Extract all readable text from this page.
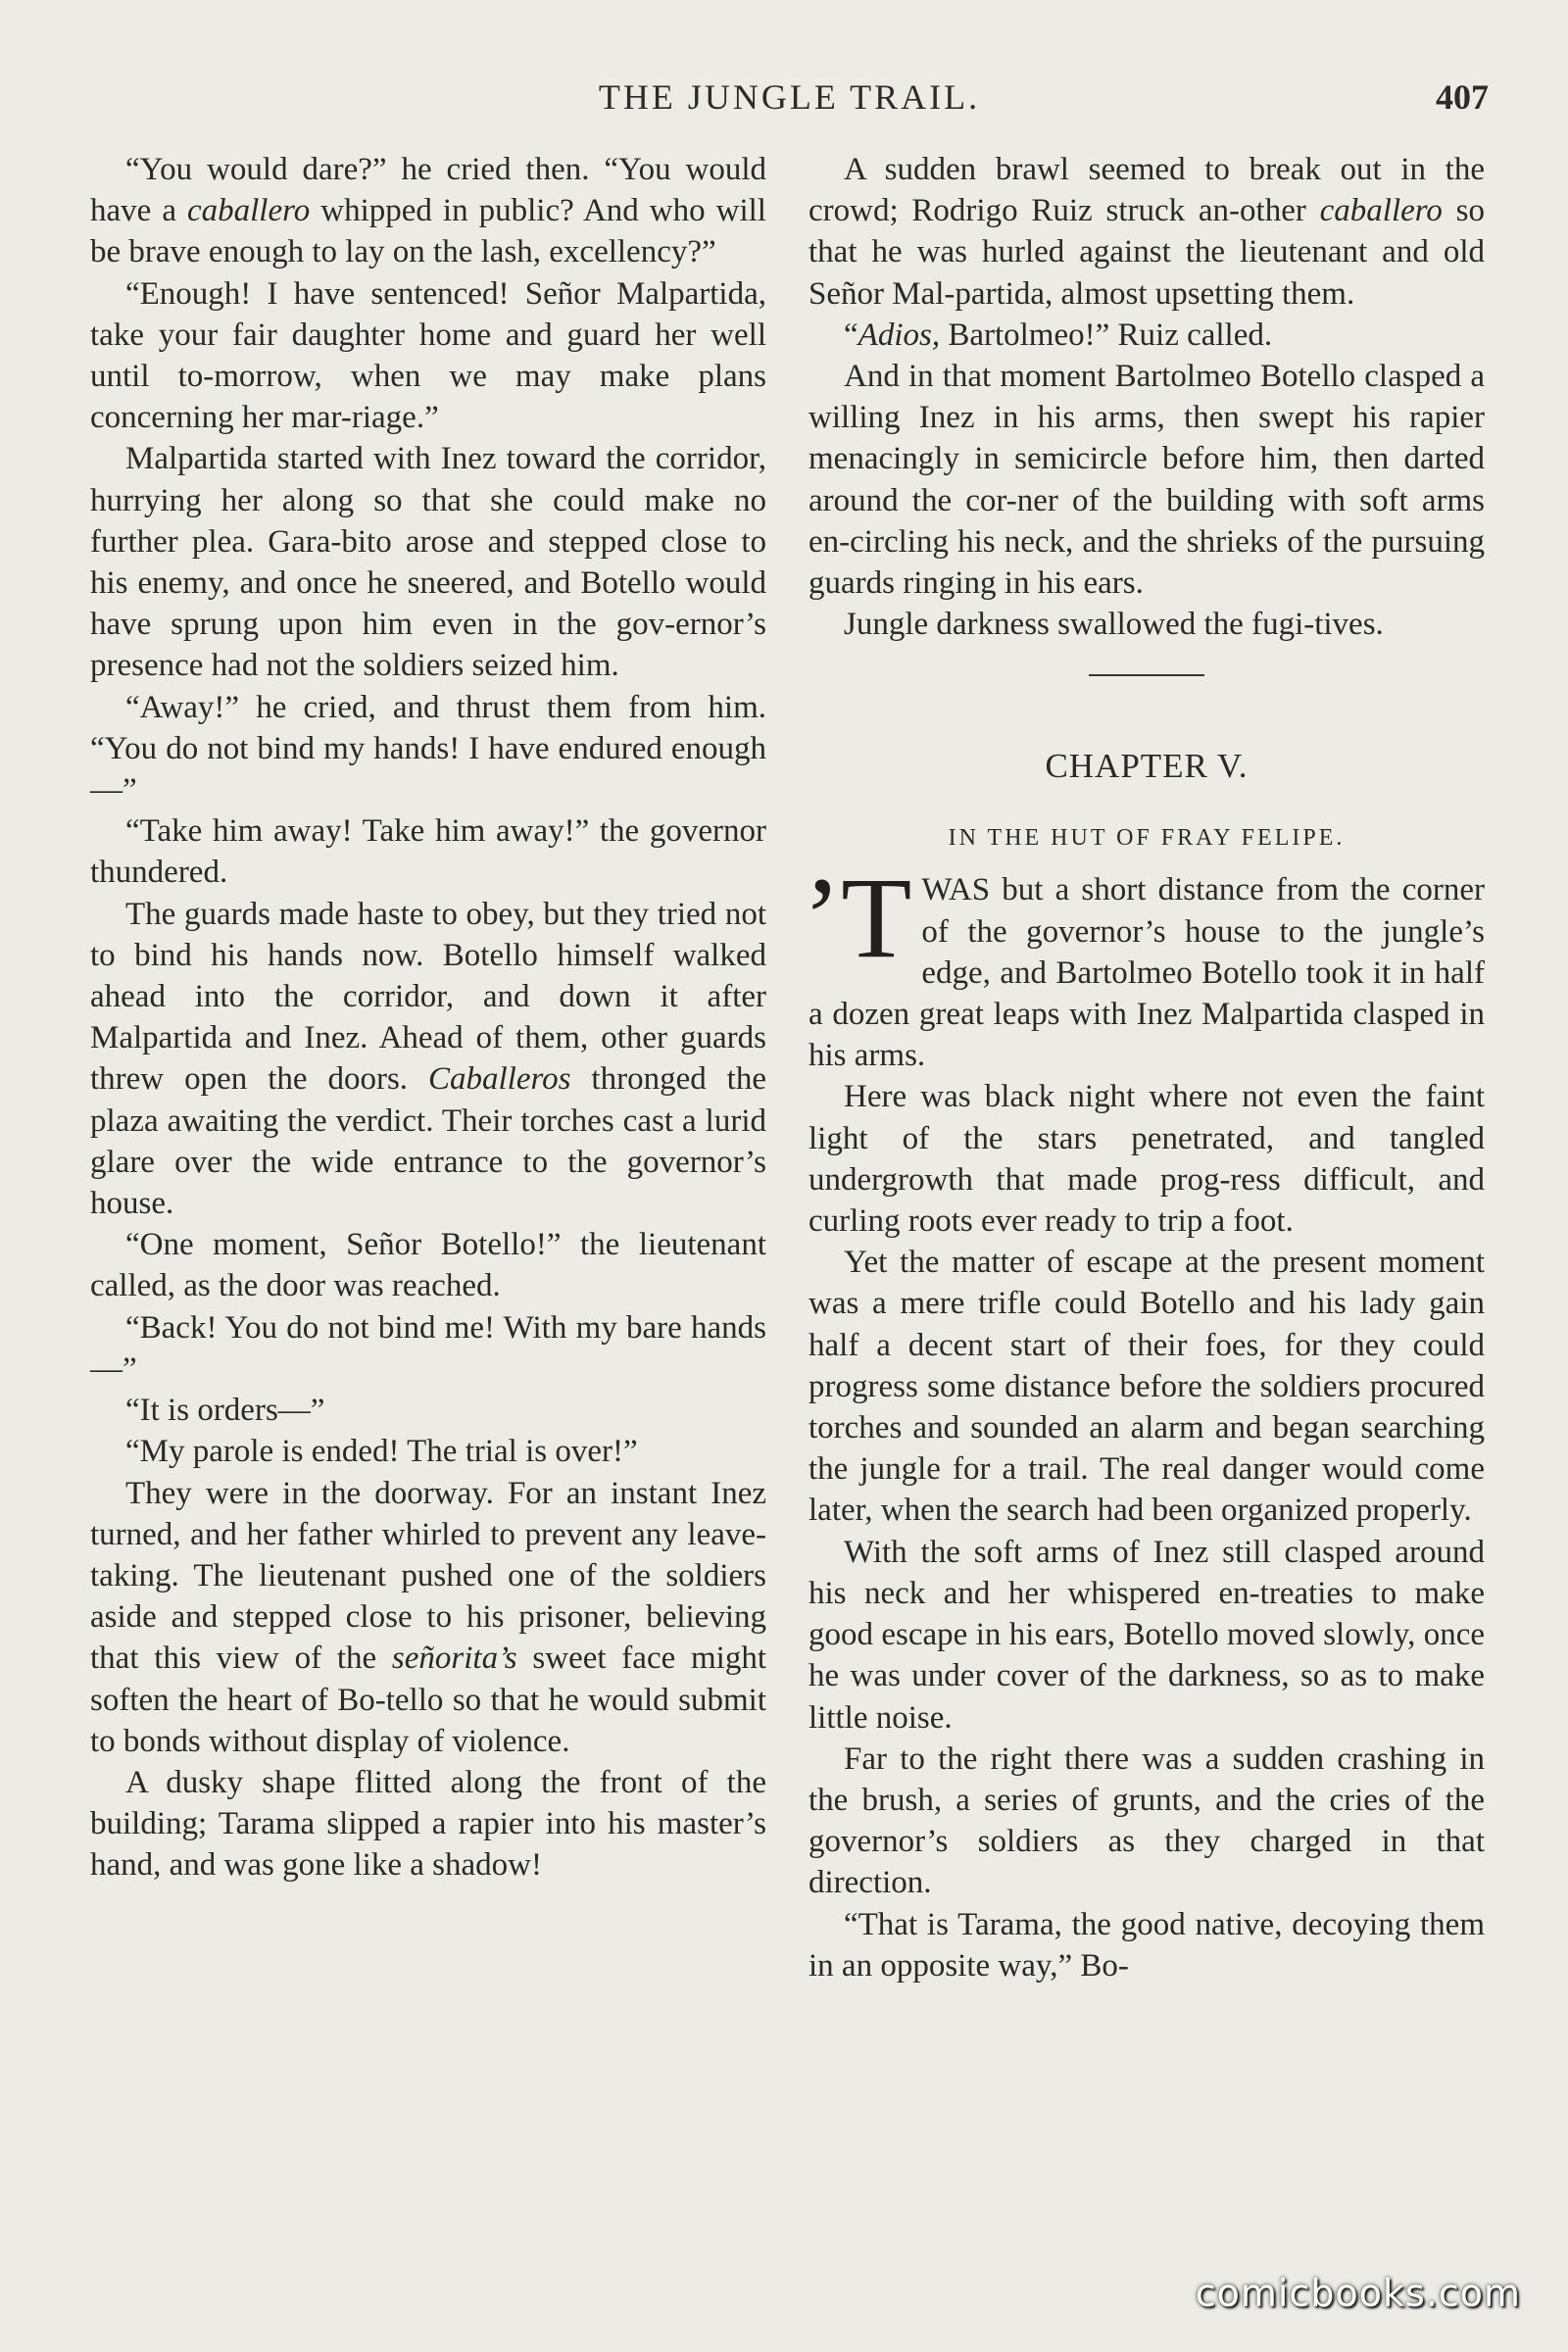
THE JUNGLE TRAIL.	407

“You would dare?” he cried then. “You would have a caballero whipped in public? And who will be brave enough to lay on the lash, excellency?”

“Enough! I have sentenced! Señor Malpartida, take your fair daughter home and guard her well until to-morrow, when we may make plans concerning her mar-riage.”

Malpartida started with Inez toward the corridor, hurrying her along so that she could make no further plea. Gara-bito arose and stepped close to his enemy, and once he sneered, and Botello would have sprung upon him even in the gov-ernor’s presence had not the soldiers seized him.

“Away!” he cried, and thrust them from him. “You do not bind my hands! I have endured enough—”

“Take him away! Take him away!” the governor thundered.

The guards made haste to obey, but they tried not to bind his hands now. Botello himself walked ahead into the corridor, and down it after Malpartida and Inez. Ahead of them, other guards threw open the doors. Caballeros thronged the plaza awaiting the verdict. Their torches cast a lurid glare over the wide entrance to the governor’s house.

“One moment, Señor Botello!” the lieutenant called, as the door was reached.

“Back! You do not bind me! With my bare hands—”

“It is orders—”

“My parole is ended! The trial is over!”

They were in the doorway. For an instant Inez turned, and her father whirled to prevent any leave-taking. The lieutenant pushed one of the soldiers aside and stepped close to his prisoner, believing that this view of the señorita’s sweet face might soften the heart of Bo-tello so that he would submit to bonds without display of violence.

A dusky shape flitted along the front of the building; Tarama slipped a rapier into his master’s hand, and was gone like a shadow!

A sudden brawl seemed to break out in the crowd; Rodrigo Ruiz struck an-other caballero so that he was hurled against the lieutenant and old Señor Mal-partida, almost upsetting them.

“Adios, Bartolmeo!” Ruiz called.

And in that moment Bartolmeo Botello clasped a willing Inez in his arms, then swept his rapier menacingly in semicircle before him, then darted around the cor-ner of the building with soft arms en-circling his neck, and the shrieks of the pursuing guards ringing in his ears.

Jungle darkness swallowed the fugi-tives.

CHAPTER V.
IN THE HUT OF FRAY FELIPE.

’T WAS but a short distance from the corner of the governor’s house to the jungle’s edge, and Bartolmeo Botello took it in half a dozen great leaps with Inez Malpartida clasped in his arms.

Here was black night where not even the faint light of the stars penetrated, and tangled undergrowth that made prog-ress difficult, and curling roots ever ready to trip a foot.

Yet the matter of escape at the present moment was a mere trifle could Botello and his lady gain half a decent start of their foes, for they could progress some distance before the soldiers procured torches and sounded an alarm and began searching the jungle for a trail. The real danger would come later, when the search had been organized properly.

With the soft arms of Inez still clasped around his neck and her whispered en-treaties to make good escape in his ears, Botello moved slowly, once he was under cover of the darkness, so as to make little noise.

Far to the right there was a sudden crashing in the brush, a series of grunts, and the cries of the governor’s soldiers as they charged in that direction.

“That is Tarama, the good native, decoying them in an opposite way,” Bo-

comicbooks.com
